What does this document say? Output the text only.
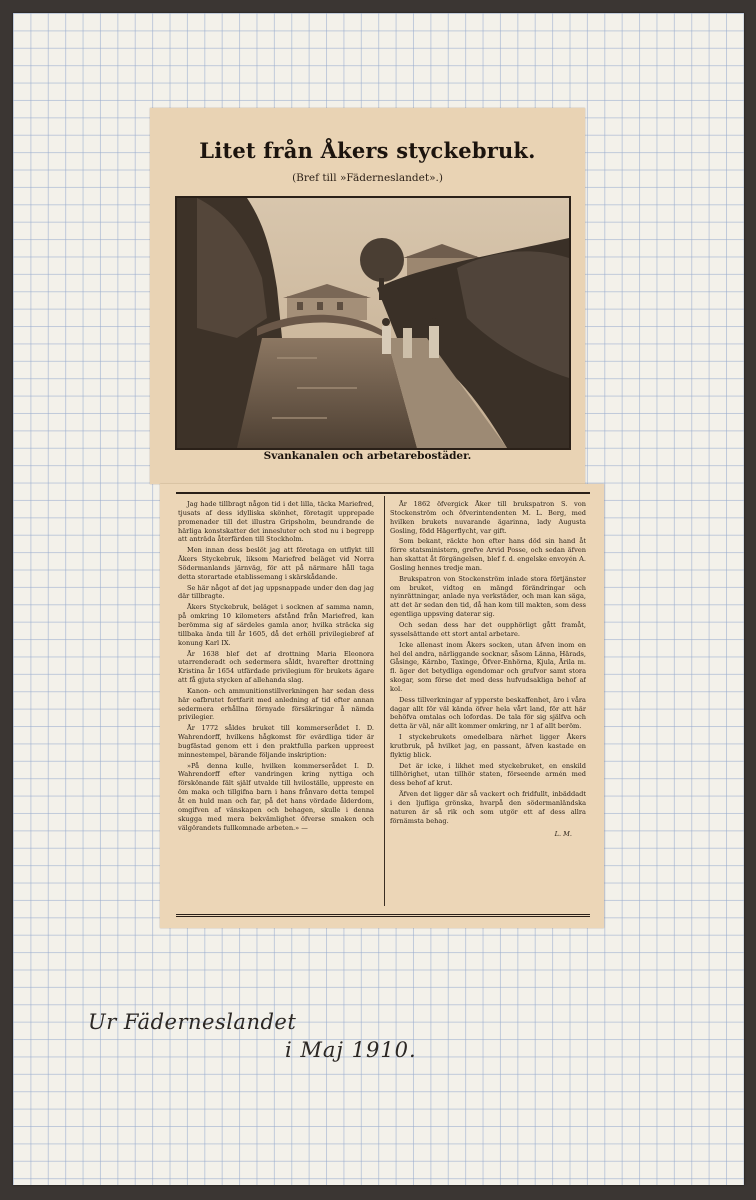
Litet från Åkers styckebruk.
(Bref till »Fäderneslandet».)
Svankanalen och arbetarebostäder.

Jag hade tillbragt någon tid i det lilla, täcka Mariefred, tjusats af dess idylliska skönhet, företagit upprepade promenader till det illustra Gripsholm, beundrande de härliga konstskatter det innesluter och stod nu i begrepp att anträda återfärden till Stockholm.

Men innan dess beslöt jag att företaga en utflykt till Åkers Styckebruk, liksom Mariefred beläget vid Norra Södermanlands järnväg, för att på närmare håll taga detta storartade etablissemang i skärskådande.

Se här något af det jag uppsnappade under den dag jag där tillbragte.

Åkers Styckebruk, beläget i socknen af samma namn, på omkring 10 kilometers afstånd från Mariefred, kan berömma sig af särdeles gamla anor, hvilka sträcka sig tillbaka ända till år 1605, då det erhöll privilegiebref af konung Karl IX.

År 1638 blef det af drottning Maria Eleonora utarrenderadt och sedermera såldt, hvarefter drottning Kristina år 1654 utfärdade privilegium för brukets ägare att få gjuta stycken af allehanda slag.

Kanon- och ammunitionstillverkningen har sedan dess här oafbrutet fortfarit med anledning af tid efter annan sedermera erhållna förnyade försäkringar å nämda privilegier.

År 1772 såldes bruket till kommerserådet I. D. Wahrendorff, hvilkens hågkomst för evärdliga tider är bugfästad genom ett i den praktfulla parken uppreest minnestempel, bärande följande inskription:

»På denna kulle, hvilken kommerserådet I. D. Wahrendorff efter vandringen kring nyttiga och förskönande fält själf utvalde till hviloställe, uppreste en öm maka och tillgifna barn i hans frånvaro detta tempel åt en huld man och far, på det hans vördade ålderdom, omgifven af vänskapen och behagen, skulle i denna skugga med mera bekvämlighet öfverse smaken och välgörandets fullkomnade arbeten.» —

År 1862 öfvergick Åker till brukspatron S. von Stockenström och öfverintendenten M. L. Berg, med hvilken brukets nuvarande ägarinna, lady Augusta Gosling, född Hägerflycht, var gift.

Som bekant, räckte hon efter hans död sin hand åt förre statsministern, grefve Arvid Posse, och sedan äfven han skattat åt förgängelsen, blef f. d. engelske envoyén A. Gosling hennes tredje man.

Brukspatron von Stockenström inlade stora förtjänster om bruket, vidtog en mängd förändringar och nyinrättningar, anlade nya verkstäder, och man kan säga, att det är sedan den tid, då han kom till makten, som dess egentliga uppsving daterar sig.

Och sedan dess har det oupphörligt gått framåt, sysselsättande ett stort antal arbetare.

Icke allenast inom Åkers socken, utan äfven inom en hel del andra, närliggande socknar, såsom Länna, Härads, Gåsinge, Kärnbo, Taxinge, Öfver-Enhörna, Kjula, Årila m. fl. äger det betydliga egendomar och grufvor samt stora skogar, som förse det med dess hufvudsakliga behof af kol.

Dess tillverkningar af ypperste beskaffenhet, äro i våra dagar allt för väl kända öfver hela vårt land, för att här behöfva omtalas och lofordas. De tala för sig själfva och detta är väl, när allt kommer omkring, nr 1 af allt beröm.

I styckebrukets omedelbara närhet ligger Åkers krutbruk, på hvilket jag, en passant, äfven kastade en flyktig blick.

Det är icke, i likhet med styckebruket, en enskild tillhörighet, utan tillhör staten, förseende armén med dess behof af krut.

Äfven det ligger där så vackert och fridfullt, inbäddadt i den ljufliga grönska, hvarpå den södermanländska naturen är så rik och som utgör ett af dess allra förnämsta behag.

L. M.
Ur Fäderneslandet
i Maj 1910.
